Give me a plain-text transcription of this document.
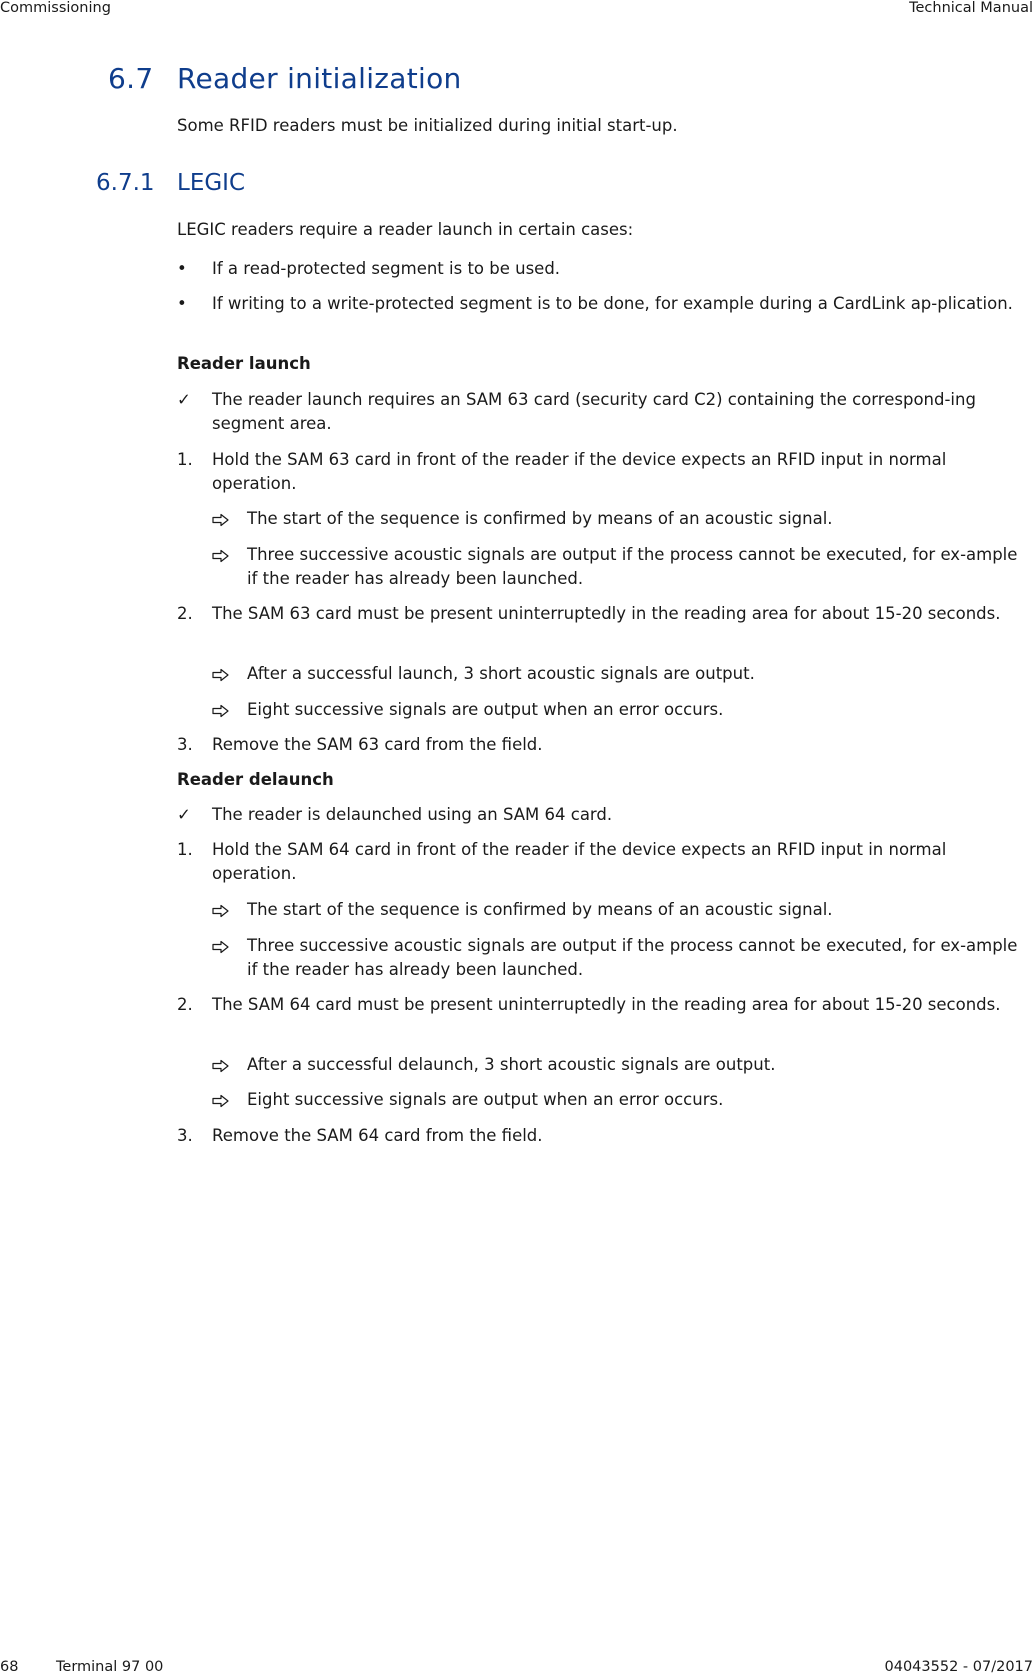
Commissioning	Technical Manual
6.7 Reader initialization
Some RFID readers must be initialized during initial start-up.
6.7.1 LEGIC
LEGIC readers require a reader launch in certain cases:
•	If a read-protected segment is to be used.
•	If writing to a write-protected segment is to be done, for example during a CardLink ap-plication.
Reader launch
✓	The reader launch requires an SAM 63 card (security card C2) containing the correspond-ing segment area.
1.	Hold the SAM 63 card in front of the reader if the device expects an RFID input in normal operation.
The start of the sequence is confirmed by means of an acoustic signal.
Three successive acoustic signals are output if the process cannot be executed, for ex-ample if the reader has already been launched.
2.	The SAM 63 card must be present uninterruptedly in the reading area for about 15-20 seconds.
After a successful launch, 3 short acoustic signals are output.
Eight successive signals are output when an error occurs.
3.	Remove the SAM 63 card from the field.
Reader delaunch
✓	The reader is delaunched using an SAM 64 card.
1.	Hold the SAM 64 card in front of the reader if the device expects an RFID input in normal operation.
The start of the sequence is confirmed by means of an acoustic signal.
Three successive acoustic signals are output if the process cannot be executed, for ex-ample if the reader has already been launched.
2.	The SAM 64 card must be present uninterruptedly in the reading area for about 15-20 seconds.
After a successful delaunch, 3 short acoustic signals are output.
Eight successive signals are output when an error occurs.
3.	Remove the SAM 64 card from the field.
68	Terminal 97 00	04043552 - 07/2017
